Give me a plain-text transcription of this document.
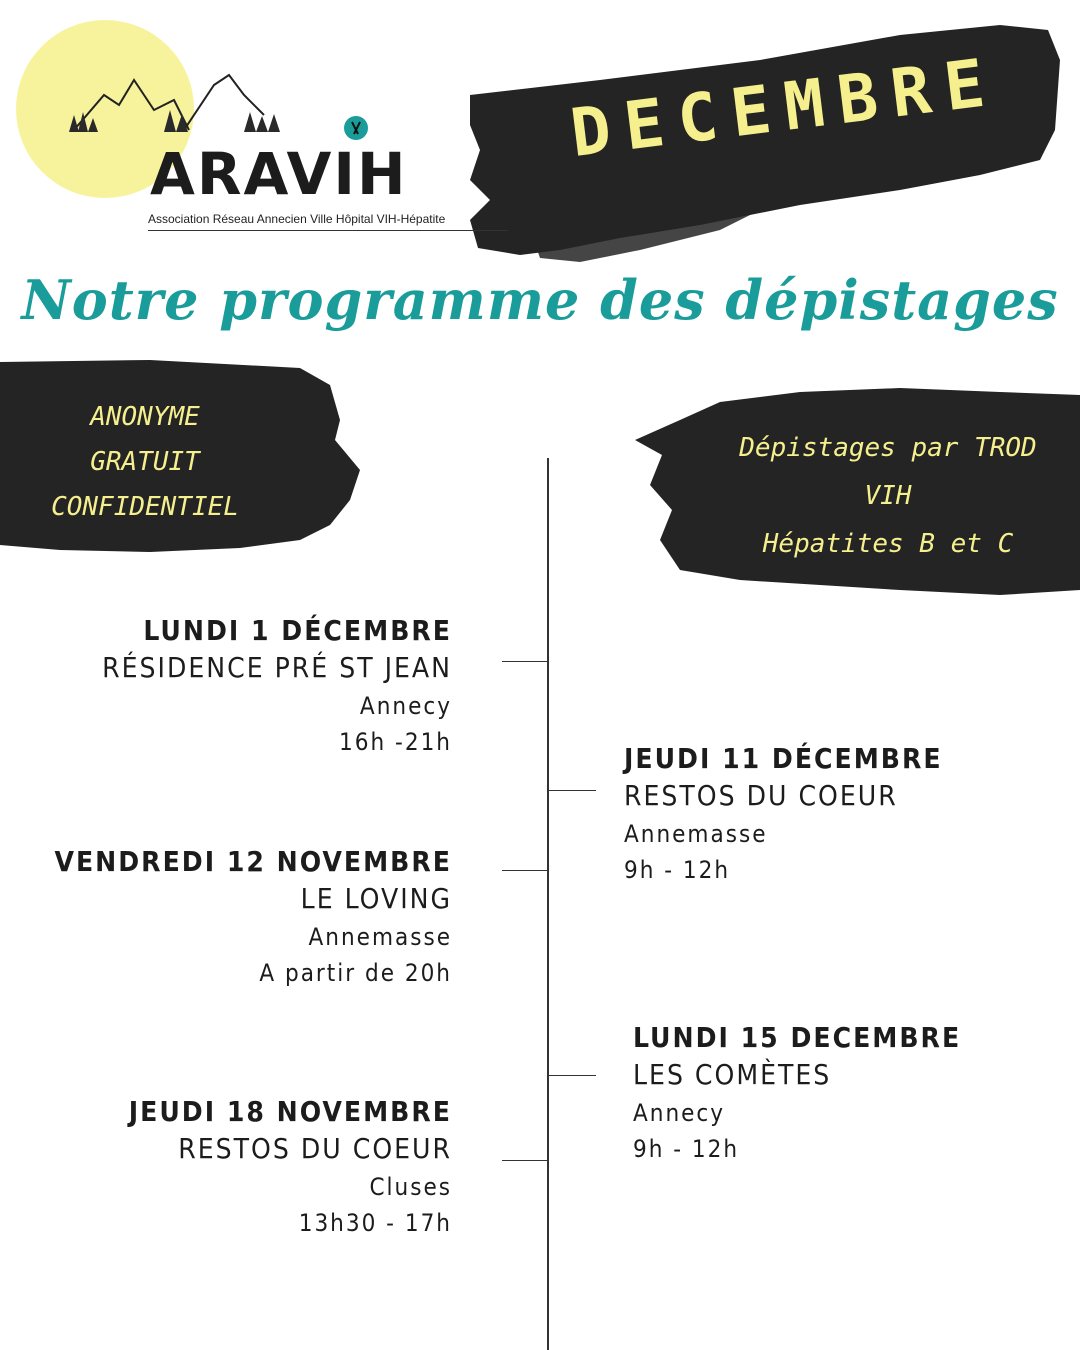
ARAVIH
Association Réseau Annecien Ville Hôpital VIH-Hépatite
DECEMBRE
Notre programme des dépistages
ANONYME
GRATUIT
CONFIDENTIEL
Dépistages par TROD
VIH
Hépatites B et C
LUNDI 1 DÉCEMBRE
RÉSIDENCE PRÉ ST JEAN
Annecy
16h -21h
VENDREDI 12 NOVEMBRE
LE LOVING
Annemasse
A partir de 20h
JEUDI 18 NOVEMBRE
RESTOS DU COEUR
Cluses
13h30 - 17h
JEUDI 11 DÉCEMBRE
RESTOS DU COEUR
Annemasse
9h - 12h
LUNDI 15 DECEMBRE
LES COMÈTES
Annecy
9h - 12h
